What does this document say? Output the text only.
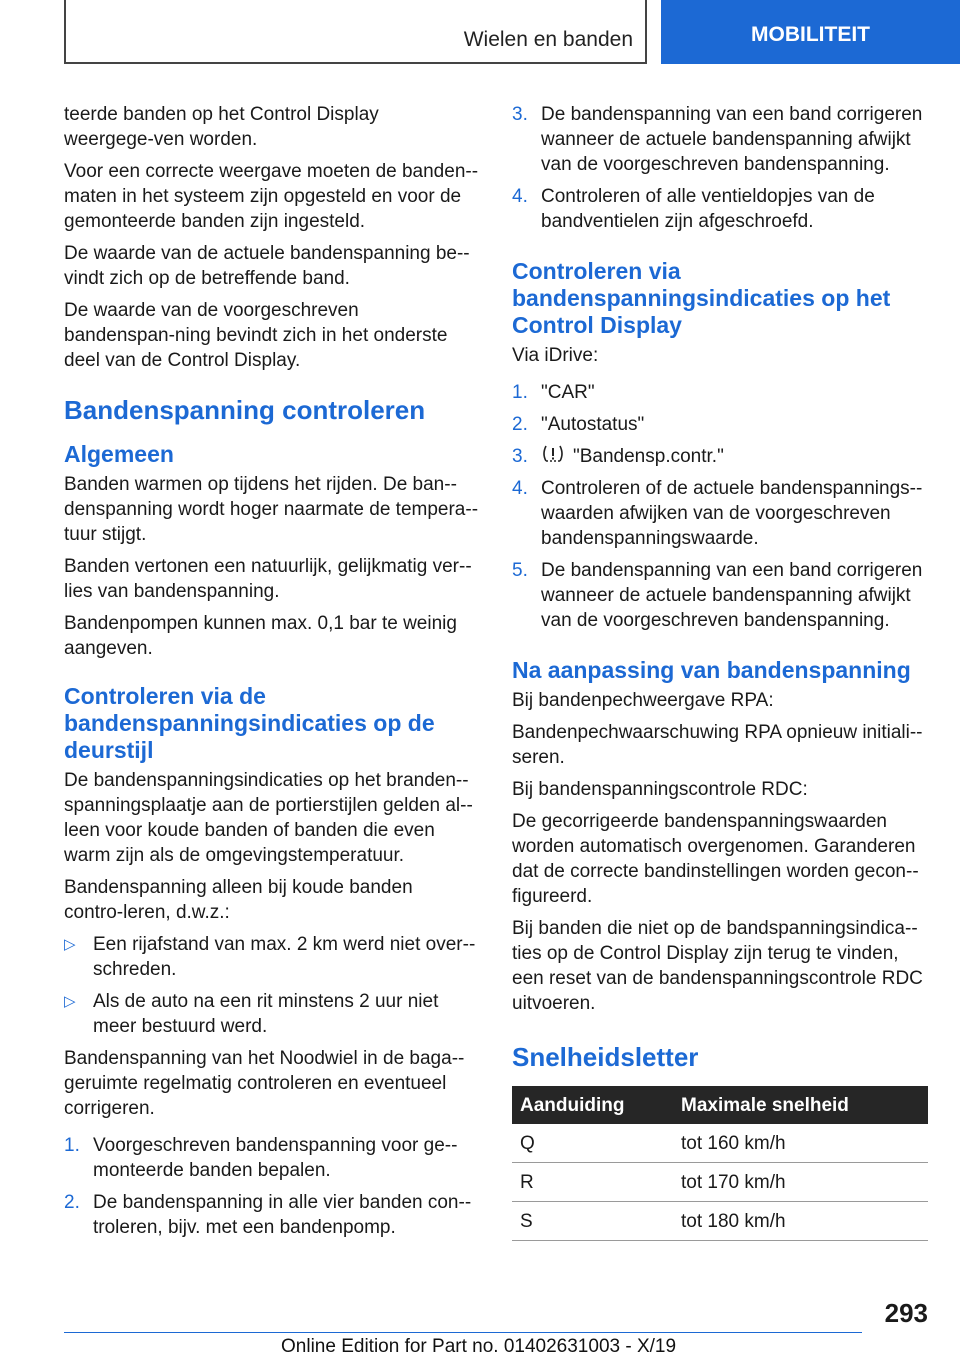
Wielen en banden	MOBILITEIT

teerde banden op het Control Display weergege-ven worden.

Voor een correcte weergave moeten de banden-maten in het systeem zijn opgesteld en voor de gemonteerde banden zijn ingesteld.

De waarde van de actuele bandenspanning be-vindt zich op de betreffende band.

De waarde van de voorgeschreven bandenspan-ning bevindt zich in het onderste deel van de Control Display.

Bandenspanning controleren
Algemeen

Banden warmen op tijdens het rijden. De ban-denspanning wordt hoger naarmate de tempera-tuur stijgt.

Banden vertonen een natuurlijk, gelijkmatig ver-lies van bandenspanning.

Bandenpompen kunnen max. 0,1 bar te weinig aangeven.

Controleren via de bandenspanningsindicaties op de deurstijl

De bandenspanningsindicaties op het branden-spanningsplaatje aan de portierstijlen gelden al-leen voor koude banden of banden die even warm zijn als de omgevingstemperatuur.

Bandenspanning alleen bij koude banden contro-leren, d.w.z.:

▷ Een rijafstand van max. 2 km werd niet over-schreden.
▷ Als de auto na een rit minstens 2 uur niet meer bestuurd werd.

Bandenspanning van het Noodwiel in de baga-geruimte regelmatig controleren en eventueel corrigeren.

1. Voorgeschreven bandenspanning voor ge-monteerde banden bepalen.
2. De bandenspanning in alle vier banden con-troleren, bijv. met een bandenpomp.
3. De bandenspanning van een band corrigeren wanneer de actuele bandenspanning afwijkt van de voorgeschreven bandenspanning.
4. Controleren of alle ventieldopjes van de bandventielen zijn afgeschroefd.
Controleren via bandenspanningsindicaties op het Control Display

Via iDrive:

1. "CAR"
2. "Autostatus"
3.	"Bandensp.contr."
4. Controleren of de actuele bandenspannings-waarden afwijken van de voorgeschreven bandenspanningswaarde.
5. De bandenspanning van een band corrigeren wanneer de actuele bandenspanning afwijkt van de voorgeschreven bandenspanning.
Na aanpassing van bandenspanning

Bij bandenpechweergave RPA:

Bandenpechwaarschuwing RPA opnieuw initiali-seren.

Bij bandenspanningscontrole RDC:

De gecorrigeerde bandenspanningswaarden worden automatisch overgenomen. Garanderen dat de correcte bandinstellingen worden gecon-figureerd.

Bij banden die niet op de bandspanningsindica-ties op de Control Display zijn terug te vinden, een reset van de bandenspanningscontrole RDC uitvoeren.

Snelheidsletter
Aanduiding	Maximale snelheid
Q	tot 160 km/h
R	tot 170 km/h
S	tot 180 km/h
293
Online Edition for Part no. 01402631003 - X/19
